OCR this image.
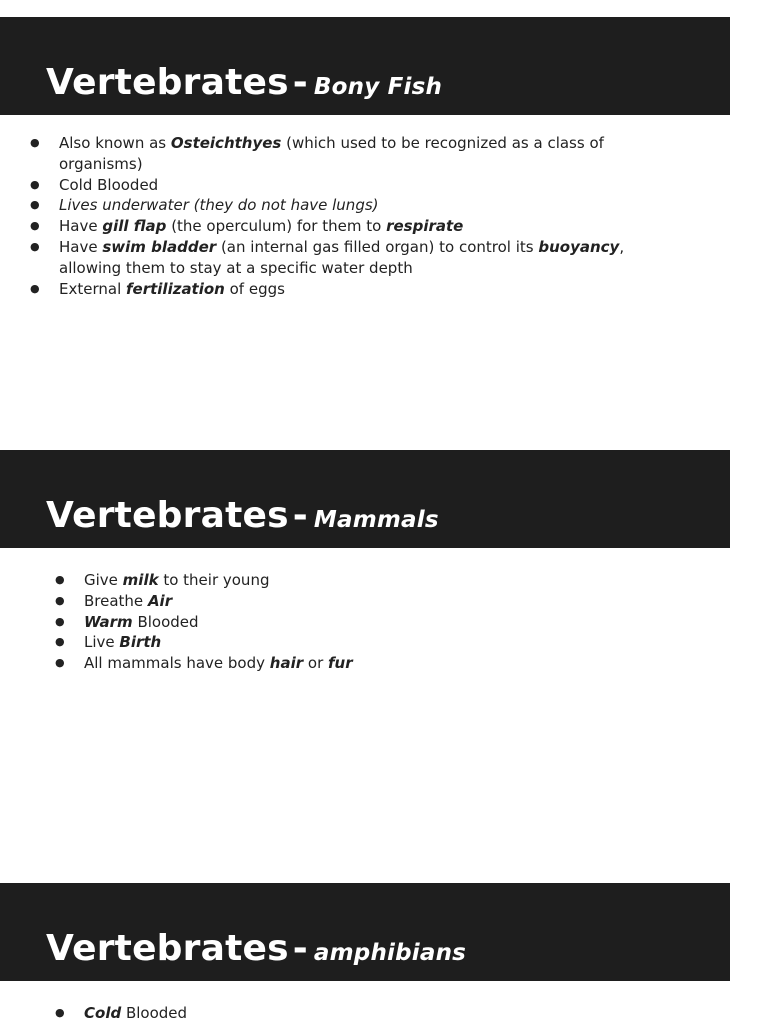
Vertebrates - Bony Fish
● Also known as Osteichthyes (which used to be recognized as a class of organisms)
● Cold Blooded
● Lives underwater (they do not have lungs)
● Have gill flap (the operculum) for them to respirate
● Have swim bladder (an internal gas filled organ) to control its buoyancy, allowing them to stay at a specific water depth
● External fertilization of eggs
Vertebrates - Mammals
● Give milk to their young
● Breathe Air
● Warm Blooded
● Live Birth
● All mammals have body hair or fur
Vertebrates - amphibians
● Cold Blooded
